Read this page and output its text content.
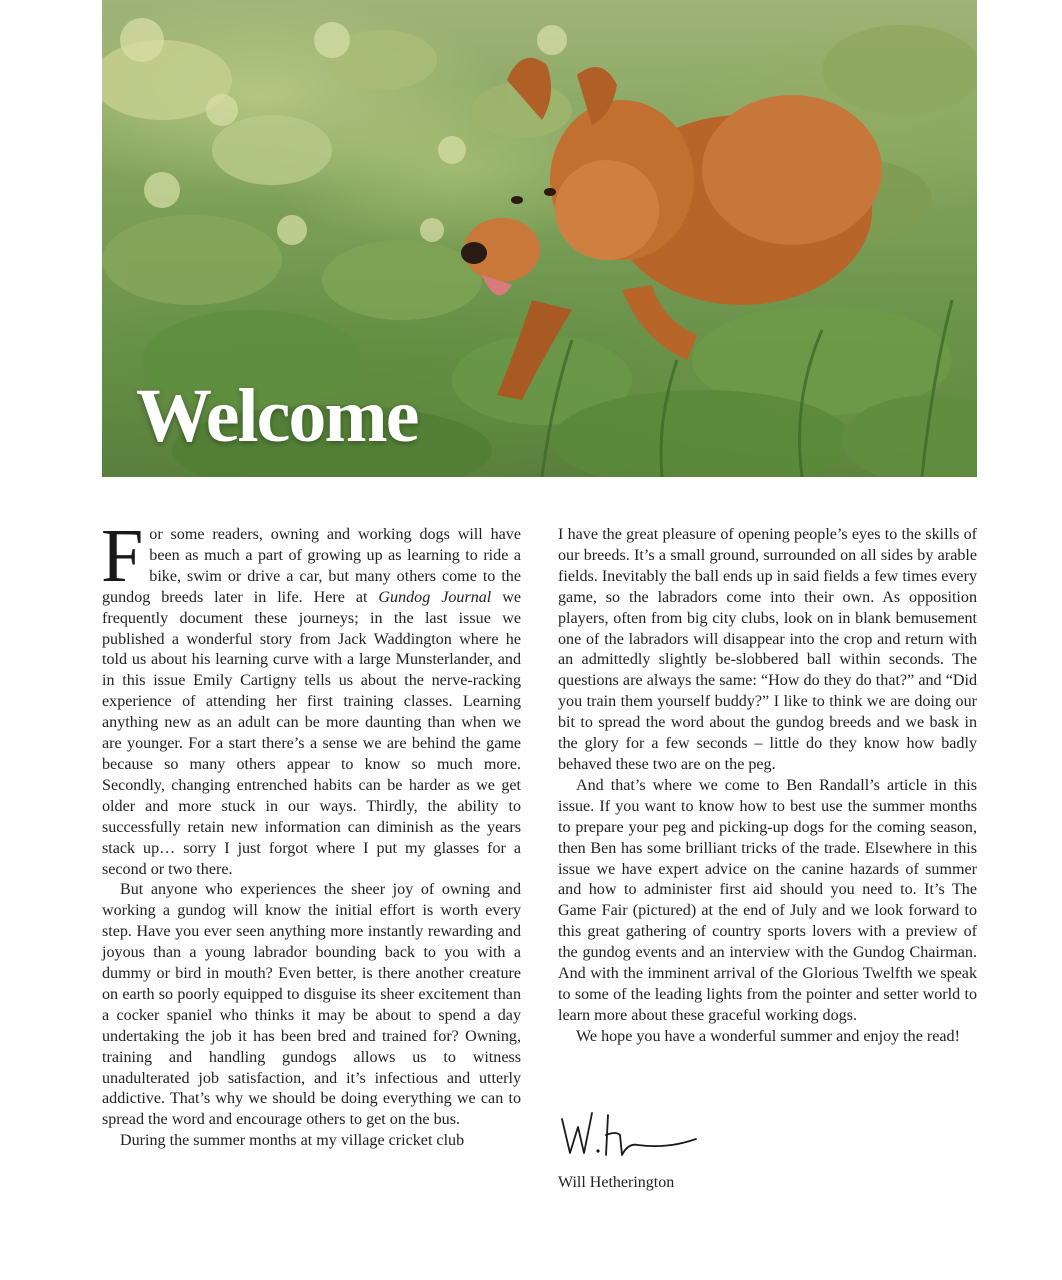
Welcome

For some readers, owning and working dogs will have been as much a part of growing up as learning to ride a bike, swim or drive a car, but many others come to the gundog breeds later in life. Here at Gundog Journal we frequently document these journeys; in the last issue we published a wonderful story from Jack Waddington where he told us about his learning curve with a large Munsterlander, and in this issue Emily Cartigny tells us about the nerve-racking experience of attending her first training classes. Learning anything new as an adult can be more daunting than when we are younger. For a start there’s a sense we are behind the game because so many others appear to know so much more. Secondly, changing entrenched habits can be harder as we get older and more stuck in our ways. Thirdly, the ability to successfully retain new information can diminish as the years stack up… sorry I just forgot where I put my glasses for a second or two there.

But anyone who experiences the sheer joy of owning and working a gundog will know the initial effort is worth every step. Have you ever seen anything more instantly rewarding and joyous than a young labrador bounding back to you with a dummy or bird in mouth? Even better, is there another creature on earth so poorly equipped to disguise its sheer excitement than a cocker spaniel who thinks it may be about to spend a day undertaking the job it has been bred and trained for? Owning, training and handling gundogs allows us to witness unadulterated job satisfaction, and it’s infectious and utterly addictive. That’s why we should be doing everything we can to spread the word and encourage others to get on the bus.

During the summer months at my village cricket club

I have the great pleasure of opening people’s eyes to the skills of our breeds. It’s a small ground, surrounded on all sides by arable fields. Inevitably the ball ends up in said fields a few times every game, so the labradors come into their own. As opposition players, often from big city clubs, look on in blank bemusement one of the labradors will disappear into the crop and return with an admittedly slightly be-slobbered ball within seconds. The questions are always the same: “How do they do that?” and “Did you train them yourself buddy?” I like to think we are doing our bit to spread the word about the gundog breeds and we bask in the glory for a few seconds – little do they know how badly behaved these two are on the peg.

And that’s where we come to Ben Randall’s article in this issue. If you want to know how to best use the summer months to prepare your peg and picking-up dogs for the coming season, then Ben has some brilliant tricks of the trade. Elsewhere in this issue we have expert advice on the canine hazards of summer and how to administer first aid should you need to. It’s The Game Fair (pictured) at the end of July and we look forward to this great gathering of country sports lovers with a preview of the gundog events and an interview with the Gundog Chairman. And with the imminent arrival of the Glorious Twelfth we speak to some of the leading lights from the pointer and setter world to learn more about these graceful working dogs.

We hope you have a wonderful summer and enjoy the read!

Will Hetherington
